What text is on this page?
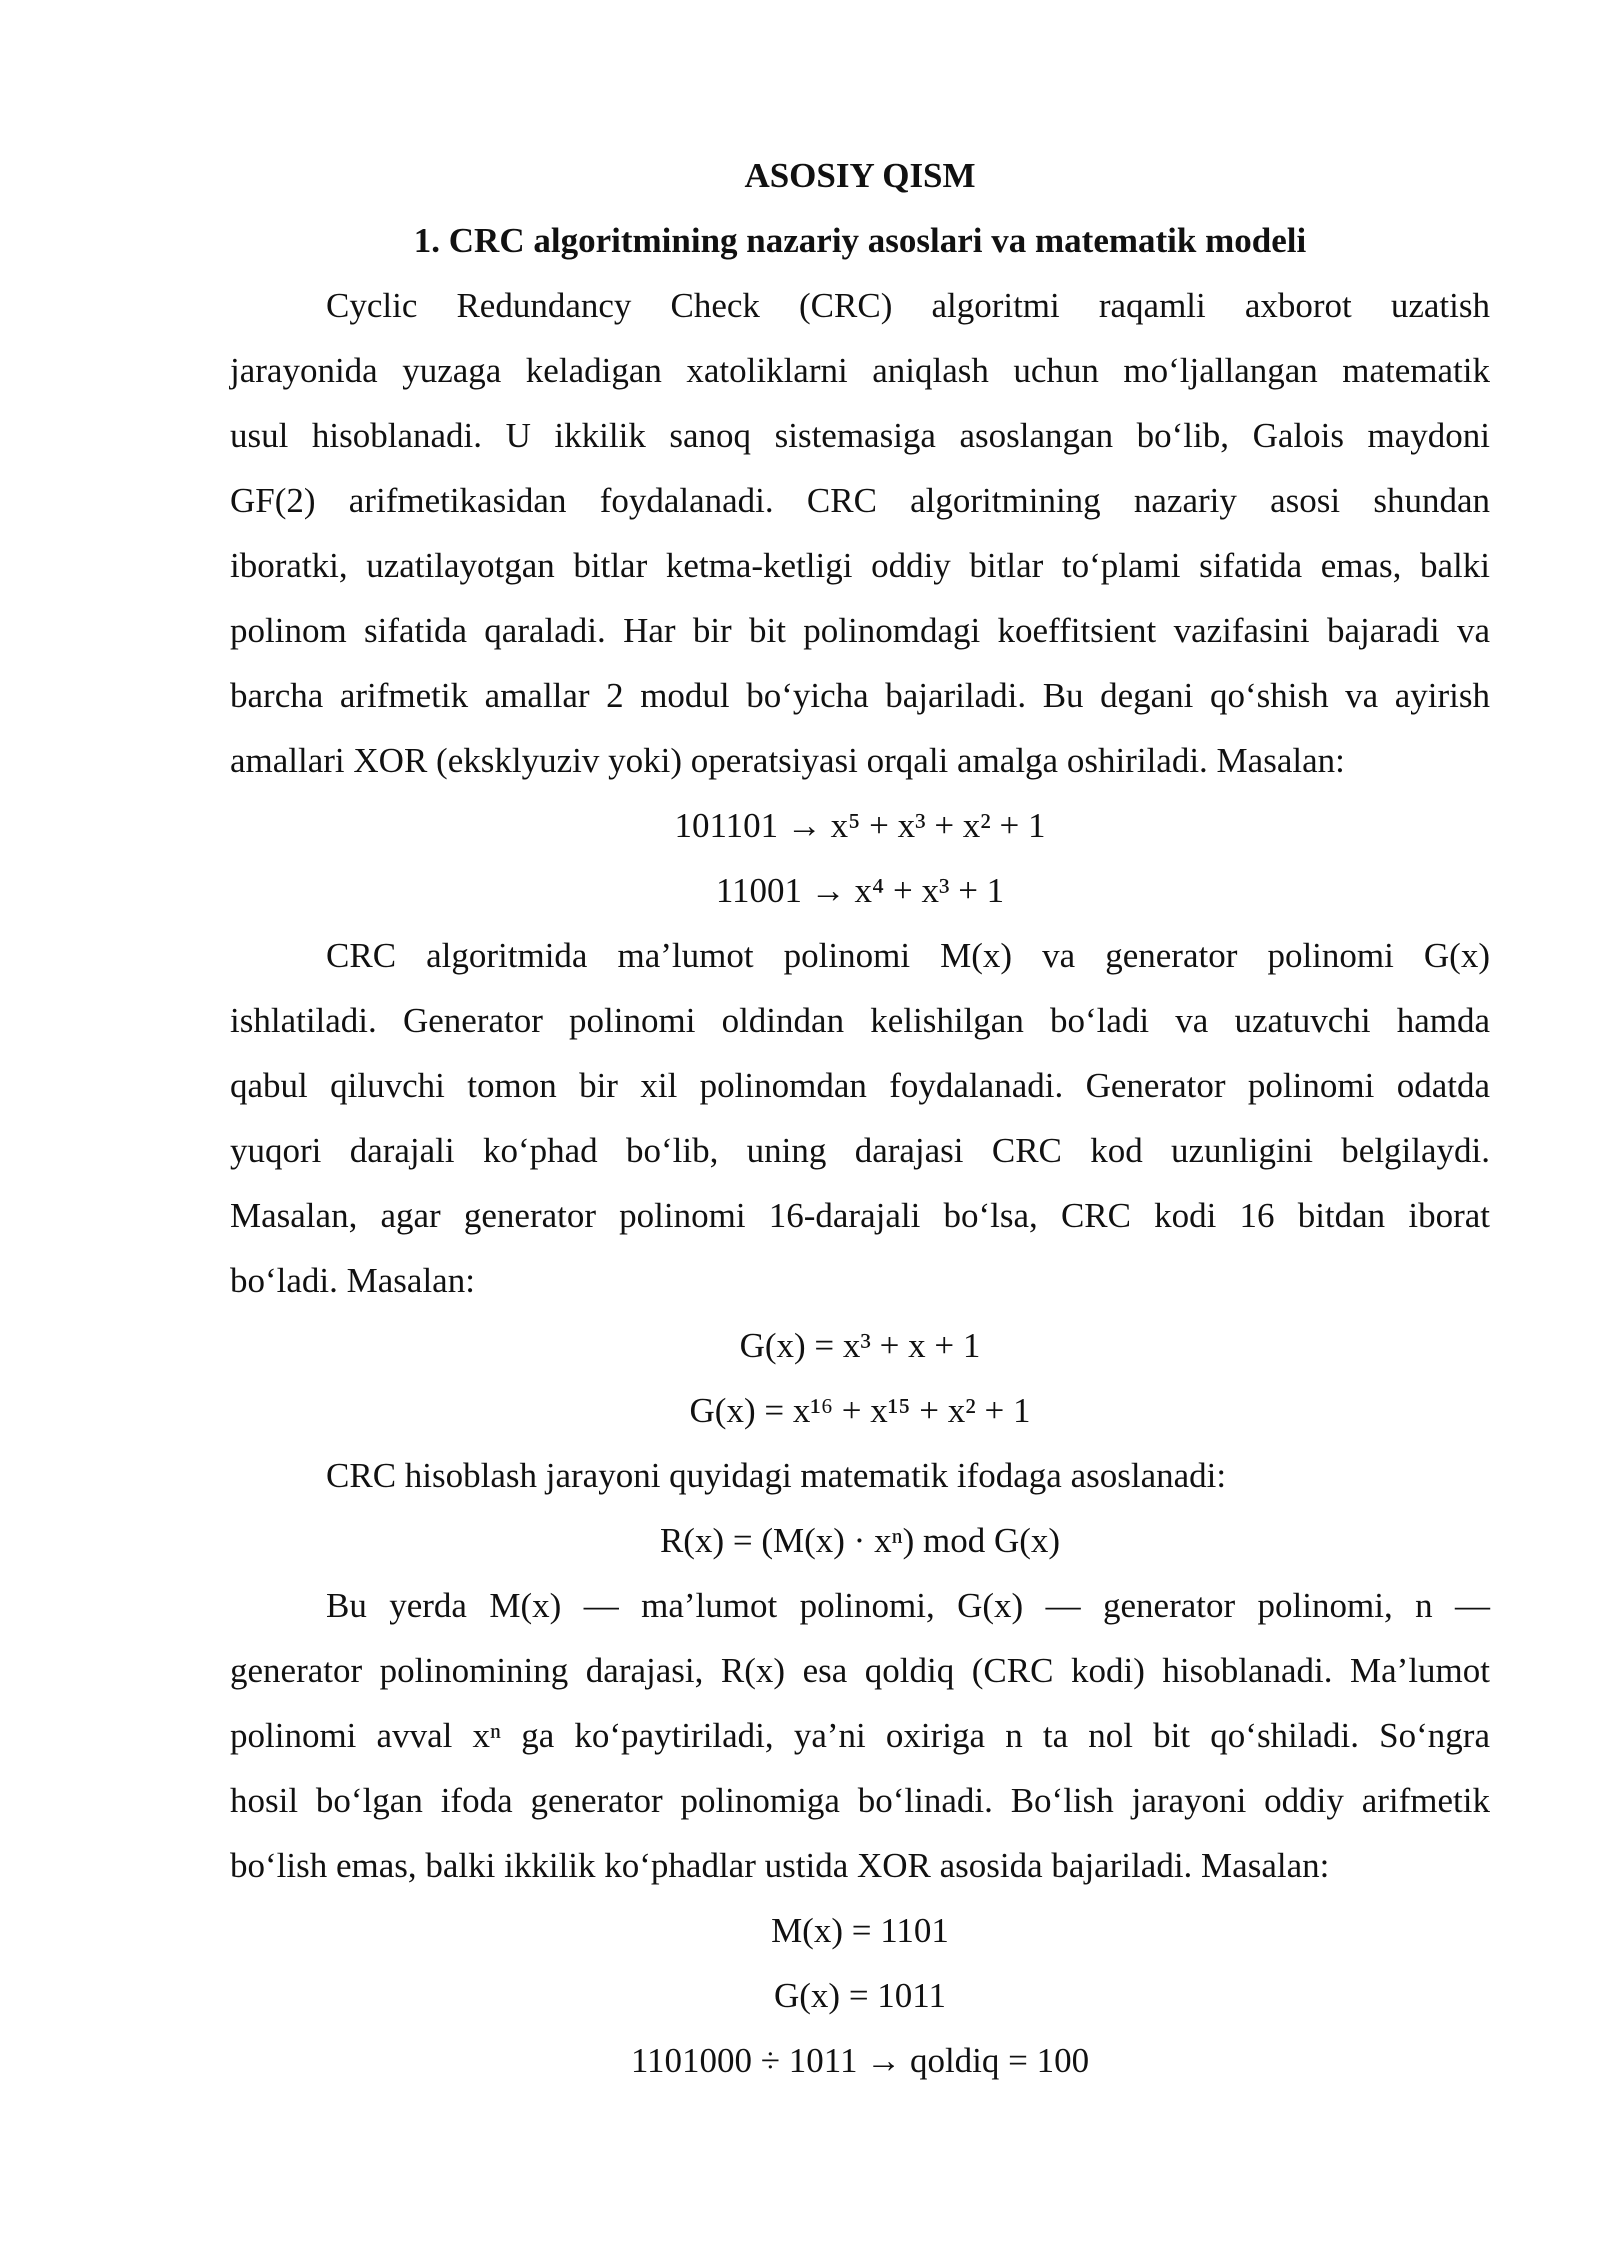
ASOSIY QISM
1. CRC algoritmining nazariy asoslari va matematik modeli
Cyclic Redundancy Check (CRC) algoritmi raqamli axborot uzatish
jarayonida yuzaga keladigan xatoliklarni aniqlash uchun mo‘ljallangan matematik
usul hisoblanadi. U ikkilik sanoq sistemasiga asoslangan bo‘lib, Galois maydoni
GF(2) arifmetikasidan foydalanadi. CRC algoritmining nazariy asosi shundan
iboratki, uzatilayotgan bitlar ketma-ketligi oddiy bitlar to‘plami sifatida emas, balki
polinom sifatida qaraladi. Har bir bit polinomdagi koeffitsient vazifasini bajaradi va
barcha arifmetik amallar 2 modul bo‘yicha bajariladi. Bu degani qo‘shish va ayirish
amallari XOR (eksklyuziv yoki) operatsiyasi orqali amalga oshiriladi. Masalan:
101101 → x⁵ + x³ + x² + 1
11001 → x⁴ + x³ + 1
CRC algoritmida ma’lumot polinomi M(x) va generator polinomi G(x)
ishlatiladi. Generator polinomi oldindan kelishilgan bo‘ladi va uzatuvchi hamda
qabul qiluvchi tomon bir xil polinomdan foydalanadi. Generator polinomi odatda
yuqori darajali ko‘phad bo‘lib, uning darajasi CRC kod uzunligini belgilaydi.
Masalan, agar generator polinomi 16-darajali bo‘lsa, CRC kodi 16 bitdan iborat
bo‘ladi. Masalan:
G(x) = x³ + x + 1
G(x) = x¹⁶ + x¹⁵ + x² + 1
CRC hisoblash jarayoni quyidagi matematik ifodaga asoslanadi:
R(x) = (M(x) · xⁿ) mod G(x)
Bu yerda M(x) — ma’lumot polinomi, G(x) — generator polinomi, n —
generator polinomining darajasi, R(x) esa qoldiq (CRC kodi) hisoblanadi. Ma’lumot
polinomi avval xⁿ ga ko‘paytiriladi, ya’ni oxiriga n ta nol bit qo‘shiladi. So‘ngra
hosil bo‘lgan ifoda generator polinomiga bo‘linadi. Bo‘lish jarayoni oddiy arifmetik
bo‘lish emas, balki ikkilik ko‘phadlar ustida XOR asosida bajariladi. Masalan:
M(x) = 1101
G(x) = 1011
1101000 ÷ 1011 → qoldiq = 100
